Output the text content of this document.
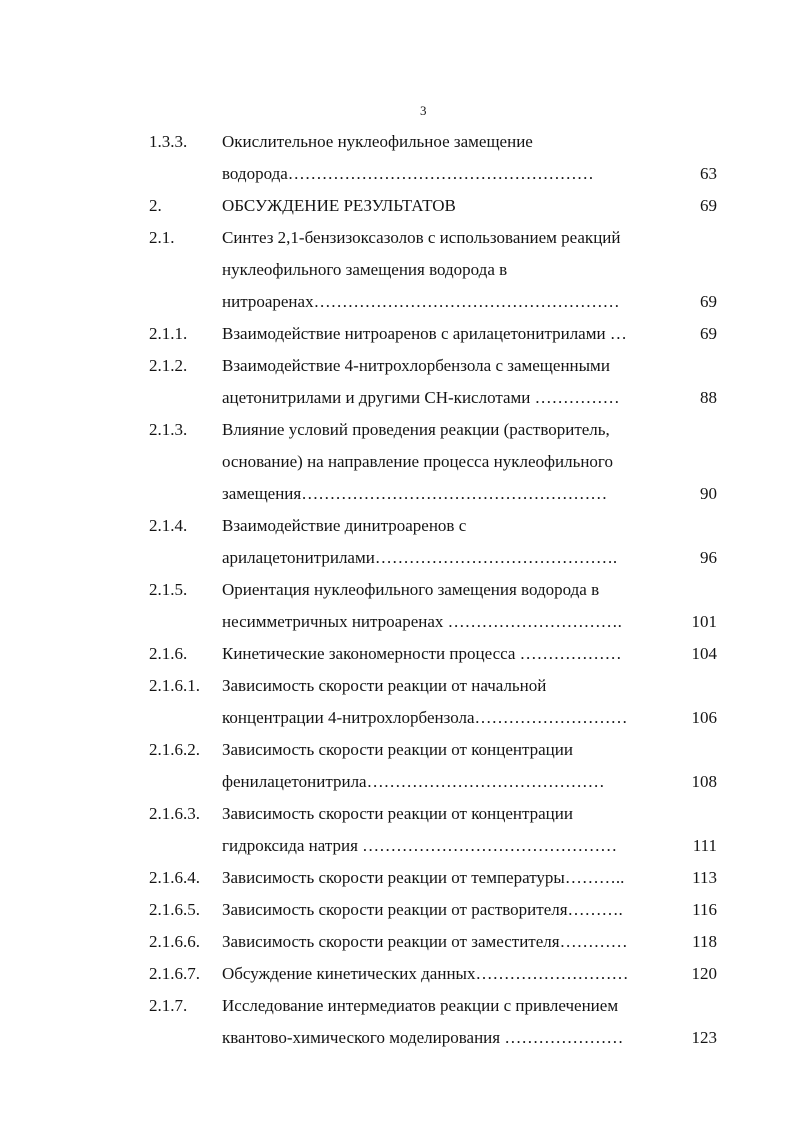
3
1.3.3. Окислительное нуклеофильное замещение
водорода………………………………………………	63
2.	ОБСУЖДЕНИЕ РЕЗУЛЬТАТОВ	69
2.1.	Синтез 2,1-бензизоксазолов с использованием реакций
нуклеофильного замещения водорода в
нитроаренах………………………………………………	69
2.1.1. Взаимодействие нитроаренов с арилацетонитрилами …	69
2.1.2. Взаимодействие 4-нитрохлорбензола с замещенными
ацетонитрилами и другими СН-кислотами ……………	88
2.1.3. Влияние условий проведения реакции (растворитель,
основание) на направление процесса нуклеофильного
замещения………………………………………………	90
2.1.4. Взаимодействие динитроаренов с
арилацетонитрилами…………………………………….	96
2.1.5. Ориентация нуклеофильного замещения водорода в
несимметричных нитроаренах ………………………….	101
2.1.6. Кинетические закономерности процесса ………………	104
2.1.6.1. Зависимость скорости реакции от начальной
концентрации 4-нитрохлорбензола………………………	106
2.1.6.2. Зависимость скорости реакции от концентрации
фенилацетонитрила……………………………………	108
2.1.6.3. Зависимость скорости реакции от концентрации
гидроксида натрия ………………………………………	111
2.1.6.4. Зависимость скорости реакции от температуры………..	113
2.1.6.5. Зависимость скорости реакции от растворителя……….	116
2.1.6.6. Зависимость скорости реакции от заместителя…………	118
2.1.6.7. Обсуждение кинетических данных………………………	120
2.1.7. Исследование интермедиатов реакции с привлечением
квантово-химического моделирования …………………	123
